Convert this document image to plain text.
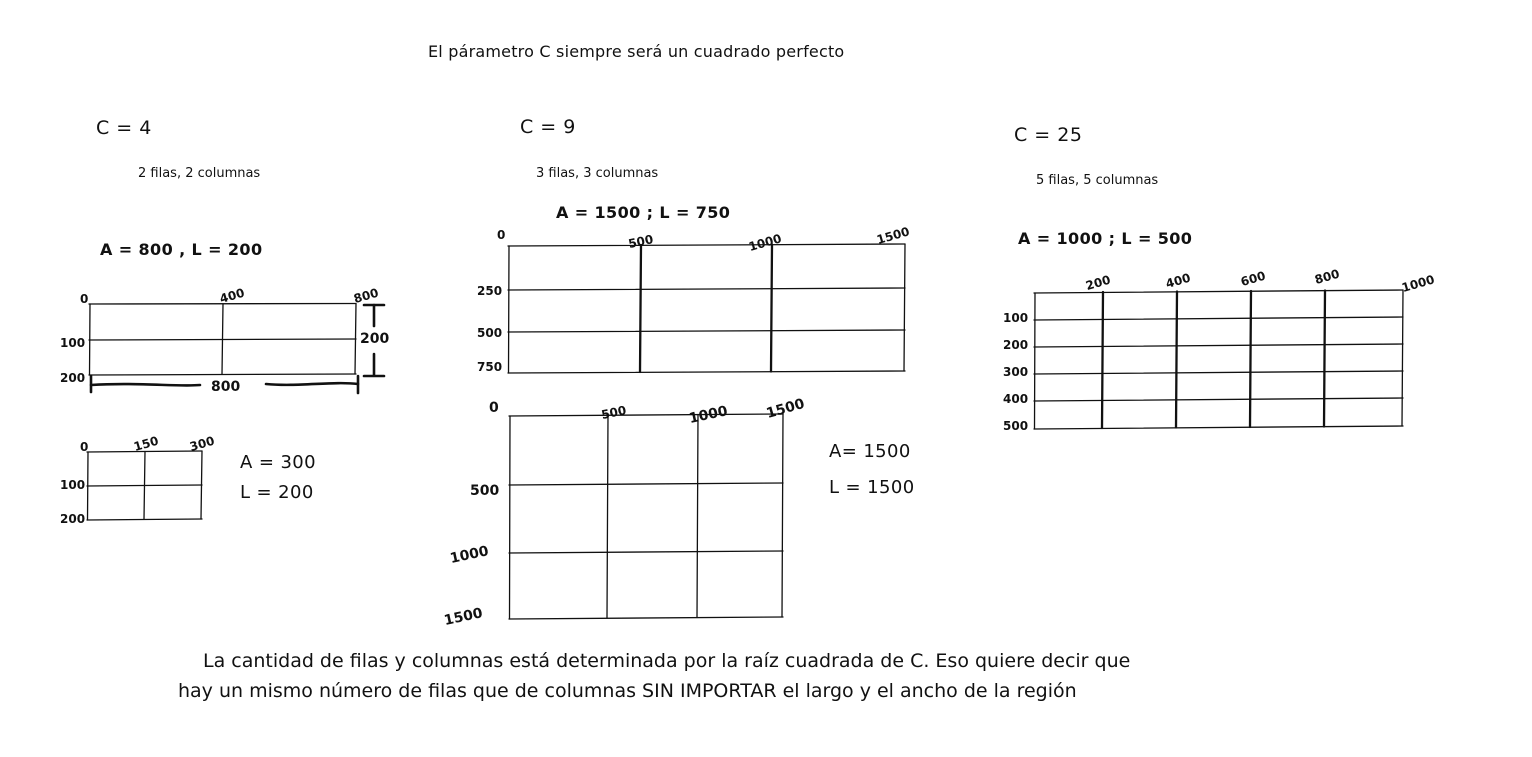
El párametro C siempre será un cuadrado perfecto
C = 4
2 filas, 2 columnas
A = 800 , L = 200
0	400	800
100
200
800
200
0	150 300
100
200
A = 300
L = 200
C = 9
3 filas, 3 columnas
A = 1500 ; L = 750
0	500	1000	1500
250
500
750
0	500	1000	1500
500
1000
1500
A= 1500
L = 1500
C = 25
5 filas, 5 columnas
A = 1000 ; L = 500
200	400	600	800	1000
100
200
300
400
500
La cantidad de filas y columnas está determinada por la raíz cuadrada de C. Eso quiere decir que
hay un mismo número de filas que de columnas SIN IMPORTAR el largo y el ancho de la región
